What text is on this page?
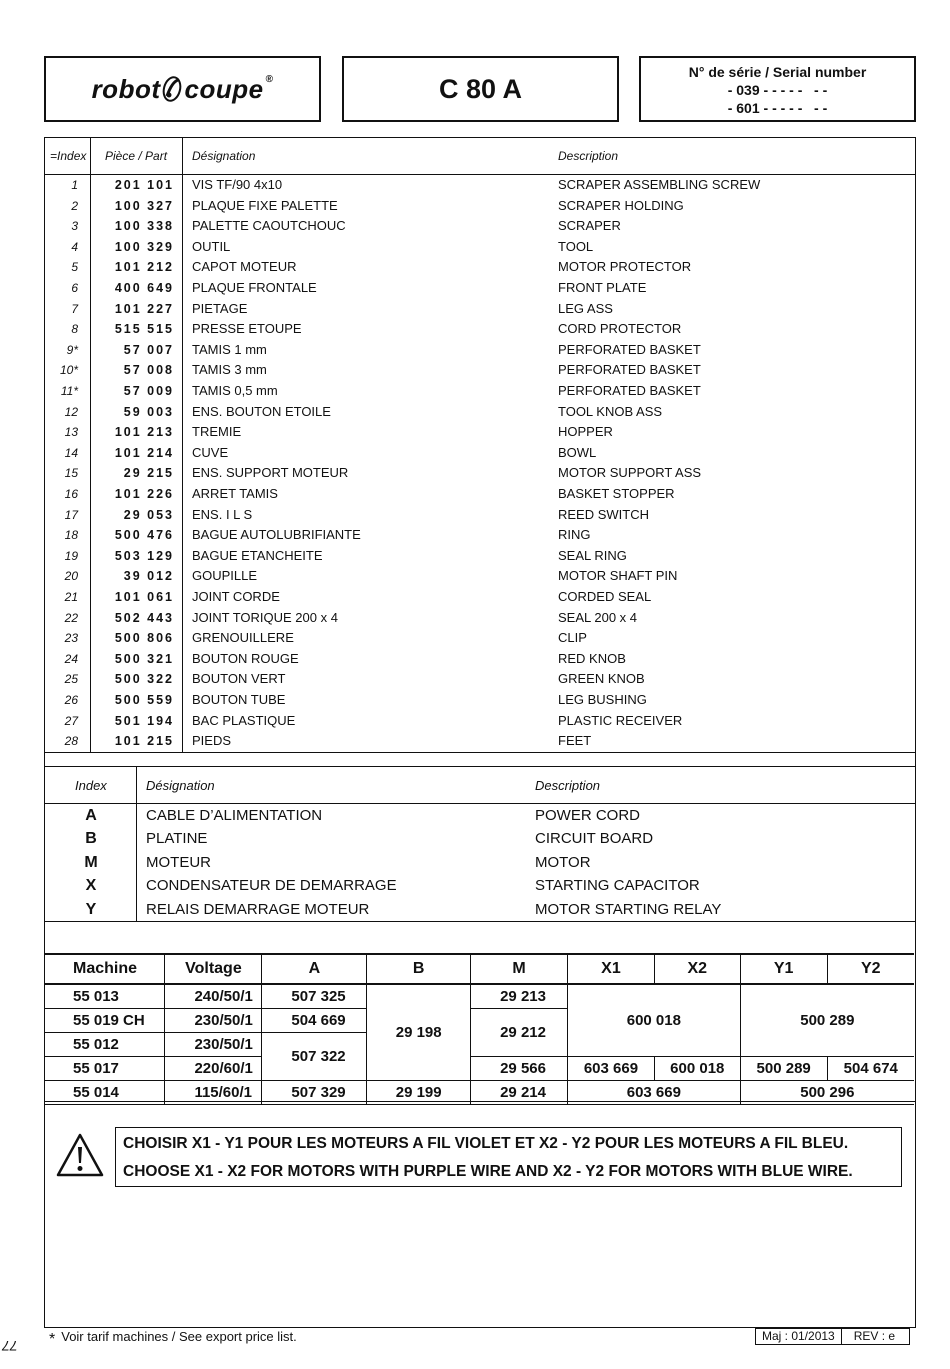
robot coupe ®	C 80 A
N° de série / Serial number
- 039 - - - - -   - -
- 601 - - - - -   - -
=Index Pièce / Part Désignation	Description
1	201 101 VIS TF/90 4x10	SCRAPER ASSEMBLING SCREW
2	100 327 PLAQUE FIXE PALETTE	SCRAPER HOLDING
3	100 338 PALETTE CAOUTCHOUC	SCRAPER
4	100 329 OUTIL	TOOL
5	101 212 CAPOT MOTEUR	MOTOR PROTECTOR
6	400 649 PLAQUE FRONTALE	FRONT PLATE
7	101 227 PIETAGE	LEG ASS
8	515 515 PRESSE ETOUPE	CORD PROTECTOR
9*	57 007 TAMIS 1 mm	PERFORATED BASKET
10*	57 008 TAMIS 3 mm	PERFORATED BASKET
11*	57 009 TAMIS 0,5 mm	PERFORATED BASKET
12	59 003 ENS. BOUTON ETOILE	TOOL KNOB ASS
13	101 213 TREMIE	HOPPER
14	101 214 CUVE	BOWL
15	29 215 ENS. SUPPORT MOTEUR	MOTOR SUPPORT ASS
16	101 226 ARRET TAMIS	BASKET STOPPER
17	29 053 ENS. I L S	REED SWITCH
18	500 476 BAGUE AUTOLUBRIFIANTE	RING
19	503 129 BAGUE ETANCHEITE	SEAL RING
20	39 012 GOUPILLE	MOTOR SHAFT PIN
21	101 061 JOINT CORDE	CORDED SEAL
22	502 443 JOINT TORIQUE 200 x 4	SEAL 200 x 4
23	500 806 GRENOUILLERE	CLIP
24	500 321 BOUTON ROUGE	RED KNOB
25	500 322 BOUTON VERT	GREEN KNOB
26	500 559 BOUTON TUBE	LEG BUSHING
27	501 194 BAC PLASTIQUE	PLASTIC RECEIVER
28	101 215 PIEDS	FEET
Index	Désignation	Description
A	CABLE D’ALIMENTATION	POWER CORD
B	PLATINE	CIRCUIT BOARD
M	MOTEUR	MOTOR
X	CONDENSATEUR DE DEMARRAGE	STARTING CAPACITOR
Y	RELAIS DEMARRAGE MOTEUR	MOTOR STARTING RELAY
Machine	Voltage	A	B	M	X1	X2	Y1	Y2
55 013	240/50/1	507 325	29 198	29 213	600 018		500 289	
55 019 CH	230/50/1	504 669		29 212				
55 012	230/50/1	507 322						
55 017	220/60/1			29 566	603 669	600 018	500 289	504 674
55 014	115/60/1	507 329	29 199	29 214	603 669		500 296	
CHOISIR X1 - Y1 POUR LES MOTEURS A FIL VIOLET ET X2 - Y2 POUR LES MOTEURS A FIL BLEU.
CHOOSE X1 - X2 FOR MOTORS WITH PURPLE WIRE AND X2 - Y2 FOR MOTORS WITH BLUE WIRE.
* Voir tarif machines / See export price list.	Maj : 01/2013	REV : e
77
